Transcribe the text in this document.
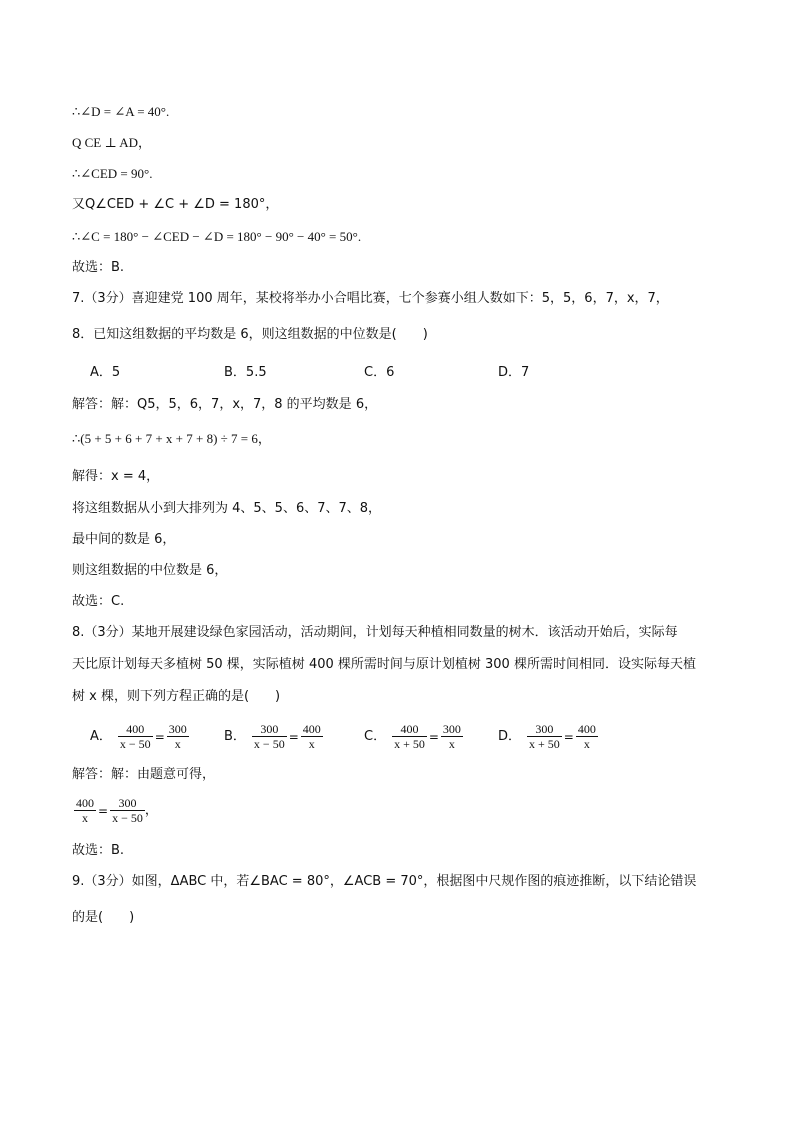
∴∠D = ∠A = 40°.
Q CE ⊥ AD，
∴∠CED = 90°.
又Q∠CED + ∠C + ∠D = 180°，
∴∠C = 180° − ∠CED − ∠D = 180° − 90° − 40° = 50°.
故选：B.
7.（3分）喜迎建党 100 周年，某校将举办小合唱比赛，七个参赛小组人数如下：5，5，6，7，x，7，
8．已知这组数据的平均数是 6，则这组数据的中位数是(　　)
A．5	B．5.5	C．6	D．7
解答：解：Q5，5，6，7，x，7，8 的平均数是 6，
∴(5 + 5 + 6 + 7 + x + 7 + 8) ÷ 7 = 6，
解得：x = 4，
将这组数据从小到大排列为 4、5、5、6、7、7、8，
最中间的数是 6，
则这组数据的中位数是 6，
故选：C.
8.（3分）某地开展建设绿色家园活动，活动期间，计划每天种植相同数量的树木．该活动开始后，实际每
天比原计划每天多植树 50 棵，实际植树 400 棵所需时间与原计划植树 300 棵所需时间相同．设实际每天植
树 x 棵，则下列方程正确的是(　　)
A． $\frac{400}{x - 50} = \frac{300}{x}$	B． $\frac{300}{x - 50} = \frac{400}{x}$	C． $\frac{400}{x + 50} = \frac{300}{x}$	D． $\frac{300}{x + 50} = \frac{400}{x}$
解答：解：由题意可得，
$\frac{400}{x} = \frac{300}{x - 50}$ ，
故选：B.
9.（3分）如图，ΔABC 中，若∠BAC = 80°，∠ACB = 70°，根据图中尺规作图的痕迹推断，以下结论错误
的是(　　)
